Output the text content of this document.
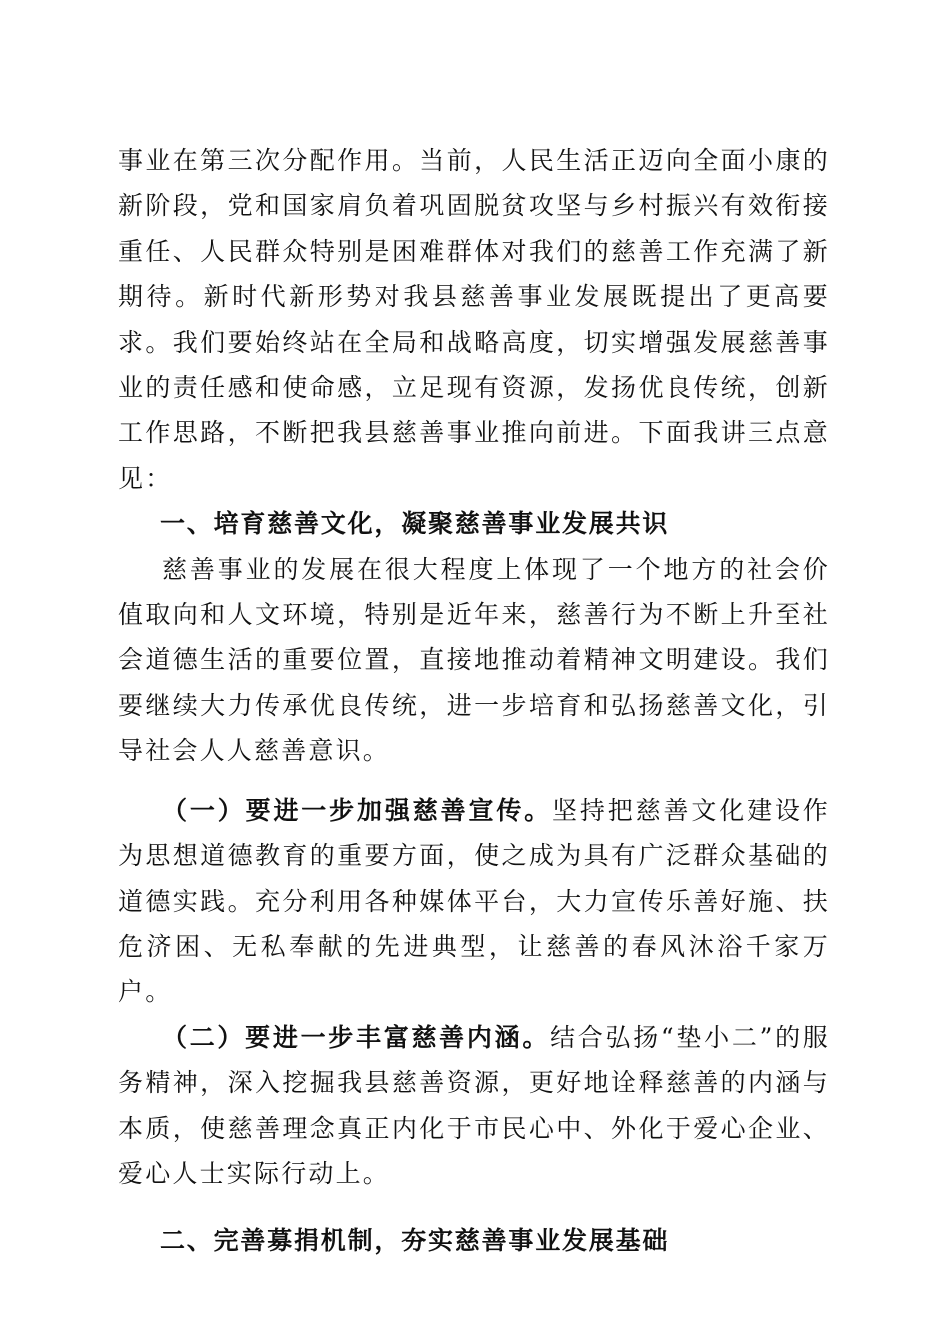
事业在第三次分配作用。当前，人民生活正迈向全面小康的新阶段，党和国家肩负着巩固脱贫攻坚与乡村振兴有效衔接重任、人民群众特别是困难群体对我们的慈善工作充满了新期待。新时代新形势对我县慈善事业发展既提出了更高要求。我们要始终站在全局和战略高度，切实增强发展慈善事业的责任感和使命感，立足现有资源，发扬优良传统，创新工作思路，不断把我县慈善事业推向前进。下面我讲三点意见：

一、培育慈善文化，凝聚慈善事业发展共识

慈善事业的发展在很大程度上体现了一个地方的社会价值取向和人文环境，特别是近年来，慈善行为不断上升至社会道德生活的重要位置，直接地推动着精神文明建设。我们要继续大力传承优良传统，进一步培育和弘扬慈善文化，引导社会人人慈善意识。

（一）要进一步加强慈善宣传。坚持把慈善文化建设作为思想道德教育的重要方面，使之成为具有广泛群众基础的道德实践。充分利用各种媒体平台，大力宣传乐善好施、扶危济困、无私奉献的先进典型，让慈善的春风沐浴千家万户。

（二）要进一步丰富慈善内涵。结合弘扬“垫小二”的服务精神，深入挖掘我县慈善资源，更好地诠释慈善的内涵与本质，使慈善理念真正内化于市民心中、外化于爱心企业、爱心人士实际行动上。

二、完善募捐机制，夯实慈善事业发展基础
